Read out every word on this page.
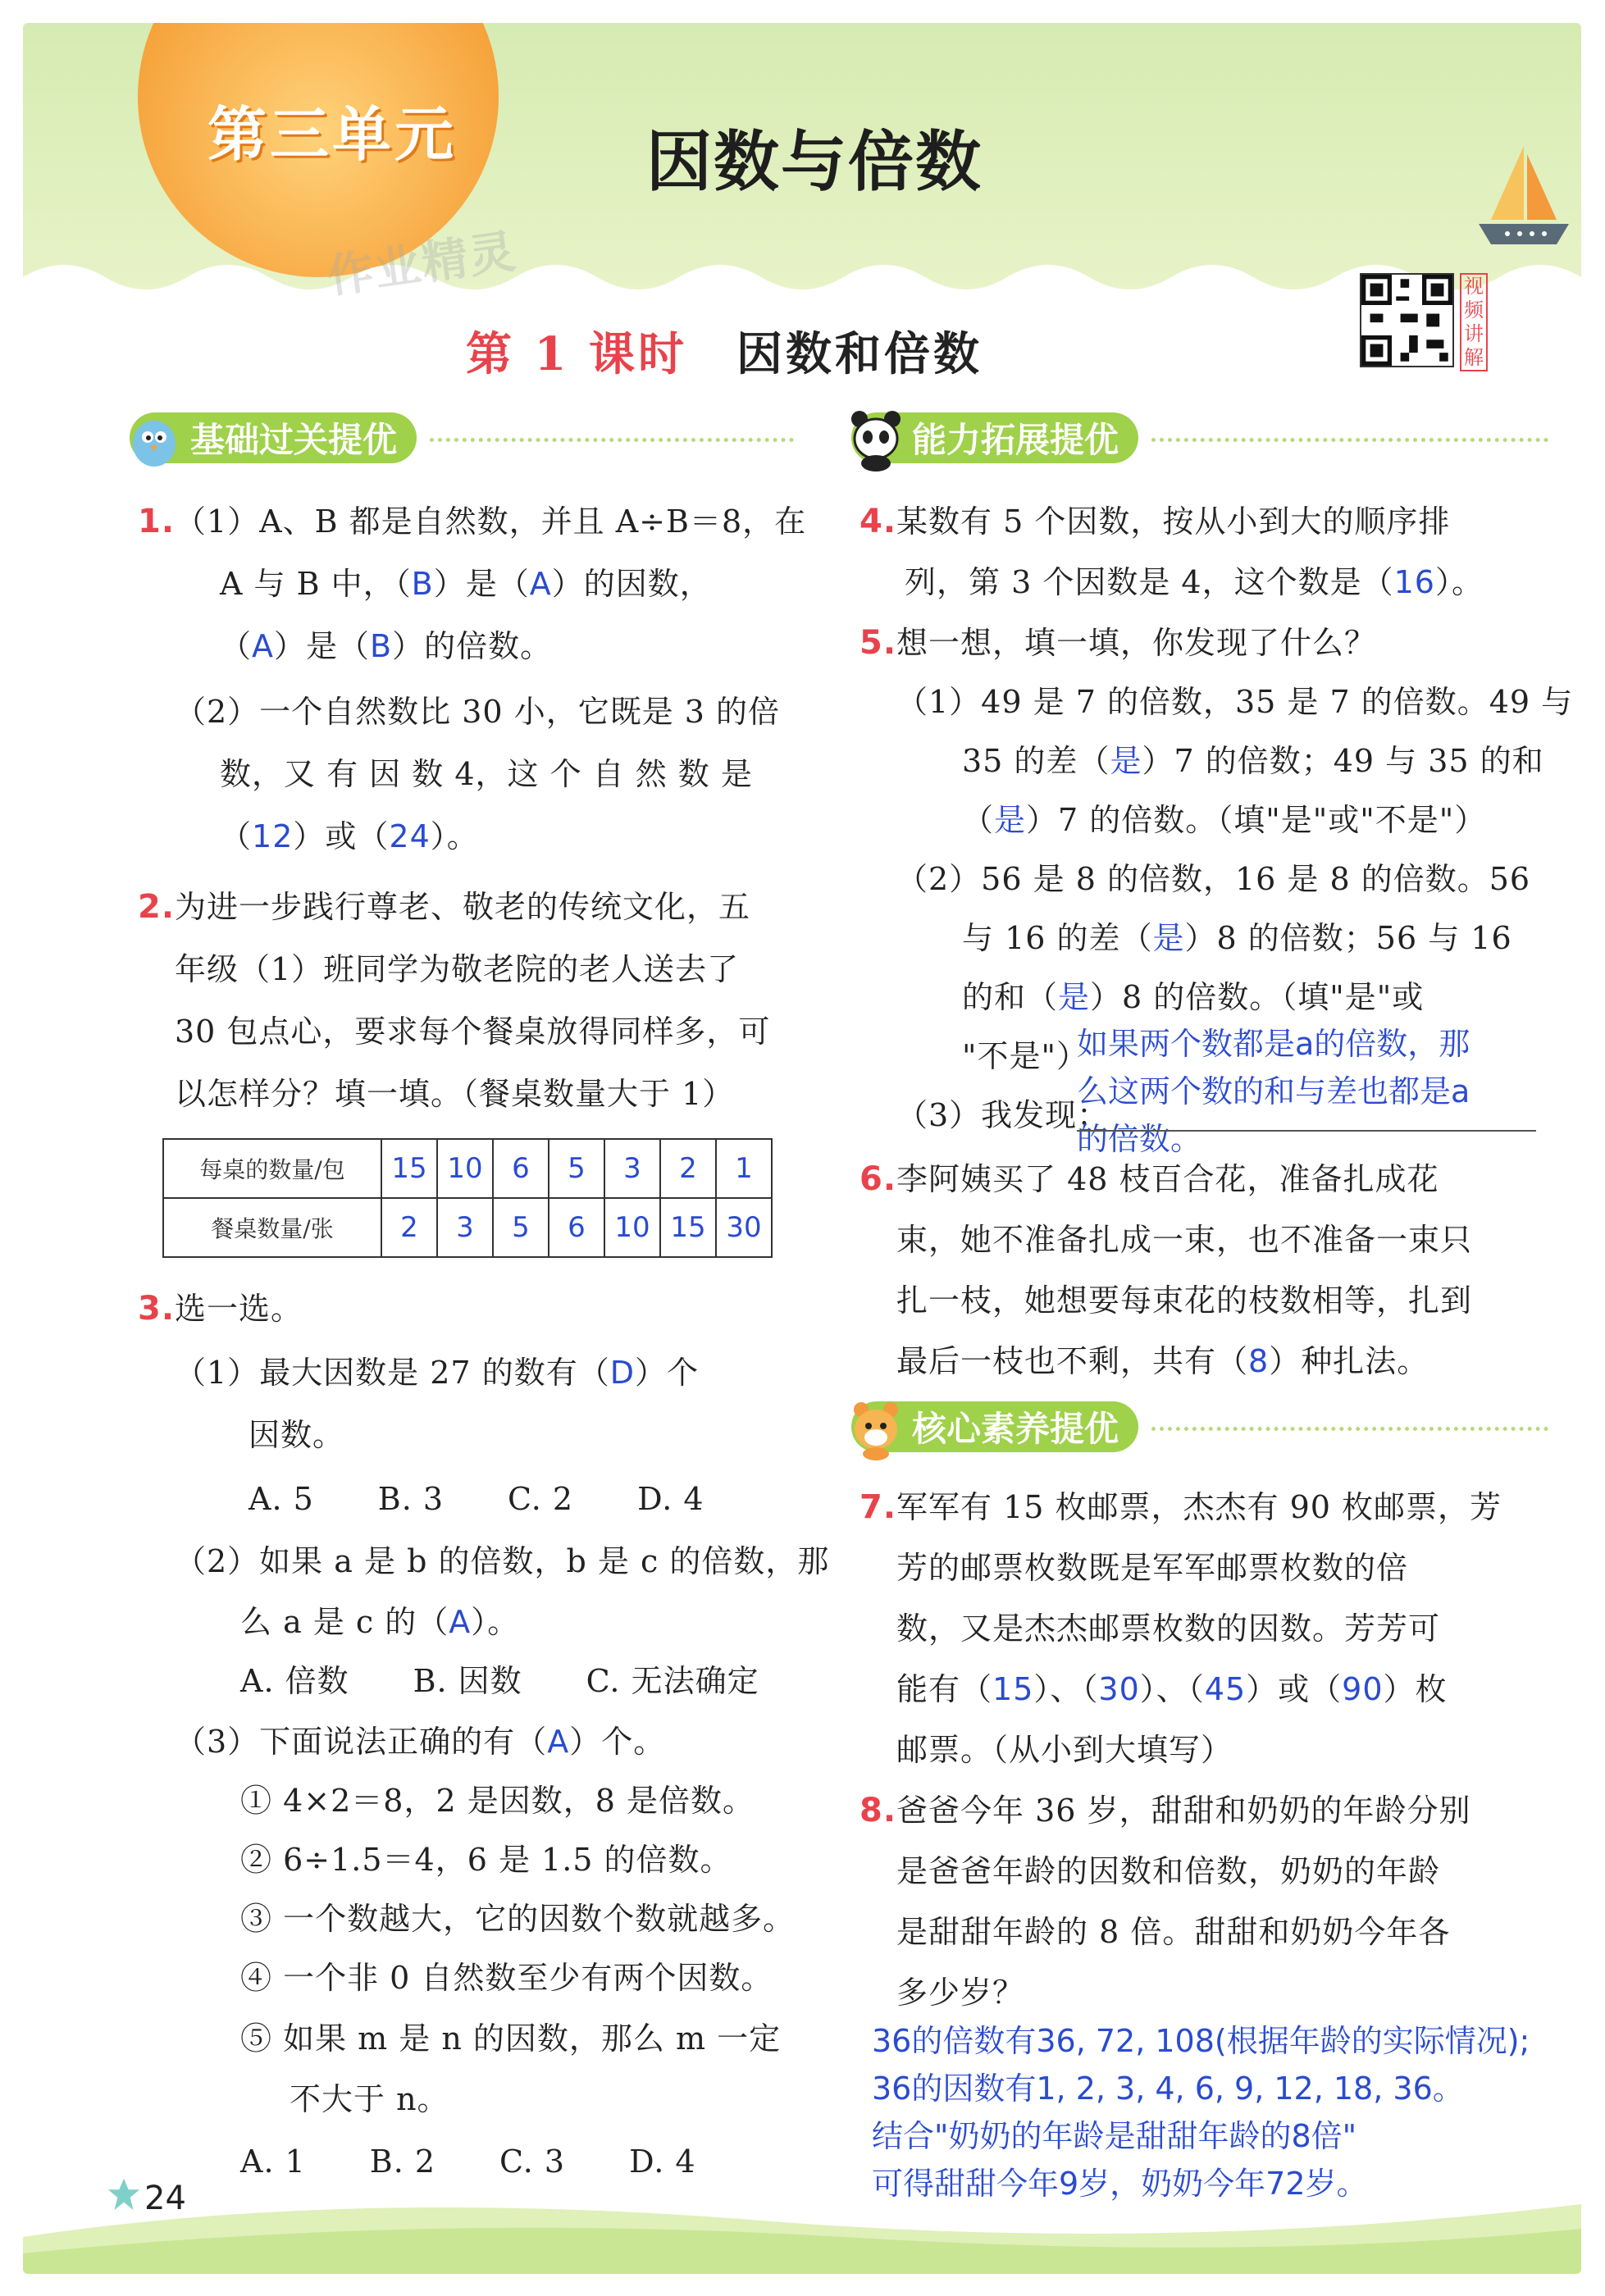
第三单元	因数与倍数
作业精灵
第 1 课时 因数和倍数
视频讲解
基础过关提优	能力拓展提优
1.（1）A、B 都是自然数，并且 A÷B＝8，在
A 与 B 中，（B）是（A）的因数，
（A）是（B）的倍数。
（2）一个自然数比 30 小，它既是 3 的倍
数，又 有 因 数 4，这 个 自 然 数 是
（12）或（24）。
2.为进一步践行尊老、敬老的传统文化，五
年级（1）班同学为敬老院的老人送去了
30 包点心，要求每个餐桌放得同样多，可
以怎样分？填一填。（餐桌数量大于 1）
每桌的数量/包	15	10	6	5	3	2	1
餐桌数量/张	2	3	5	6	10	15	30
3.选一选。
（1）最大因数是 27 的数有（D）个
因数。
A. 5　　B. 3　　C. 2　　D. 4
（2）如果 a 是 b 的倍数，b 是 c 的倍数，那
么 a 是 c 的（A）。
A. 倍数　　B. 因数　　C. 无法确定
（3）下面说法正确的有（A）个。
① 4×2＝8，2 是因数，8 是倍数。
② 6÷1.5＝4，6 是 1.5 的倍数。
③ 一个数越大，它的因数个数就越多。
④ 一个非 0 自然数至少有两个因数。
⑤ 如果 m 是 n 的因数，那么 m 一定
不大于 n。
A. 1　　B. 2　　C. 3　　D. 4
4.某数有 5 个因数，按从小到大的顺序排
列，第 3 个因数是 4，这个数是（16）。
5.想一想，填一填，你发现了什么？
（1）49 是 7 的倍数，35 是 7 的倍数。49 与
35 的差（是）7 的倍数；49 与 35 的和
（是）7 的倍数。（填"是"或"不是"）
（2）56 是 8 的倍数，16 是 8 的倍数。56
与 16 的差（是）8 的倍数；56 与 16
的和（是）8 的倍数。（填"是"或
"不是"）
（3）我发现：
如果两个数都是a的倍数，那
么这两个数的和与差也都是a
的倍数。
6.李阿姨买了 48 枝百合花，准备扎成花
束，她不准备扎成一束，也不准备一束只
扎一枝，她想要每束花的枝数相等，扎到
最后一枝也不剩，共有（8）种扎法。
核心素养提优
7.军军有 15 枚邮票，杰杰有 90 枚邮票，芳
芳的邮票枚数既是军军邮票枚数的倍
数，又是杰杰邮票枚数的因数。芳芳可
能有（15）、（30）、（45）或（90）枚
邮票。（从小到大填写）
8.爸爸今年 36 岁，甜甜和奶奶的年龄分别
是爸爸年龄的因数和倍数，奶奶的年龄
是甜甜年龄的 8 倍。甜甜和奶奶今年各
多少岁？
36的倍数有36, 72, 108(根据年龄的实际情况);
36的因数有1, 2, 3, 4, 6, 9, 12, 18, 36。
结合"奶奶的年龄是甜甜年龄的8倍"
可得甜甜今年9岁，奶奶今年72岁。
24
